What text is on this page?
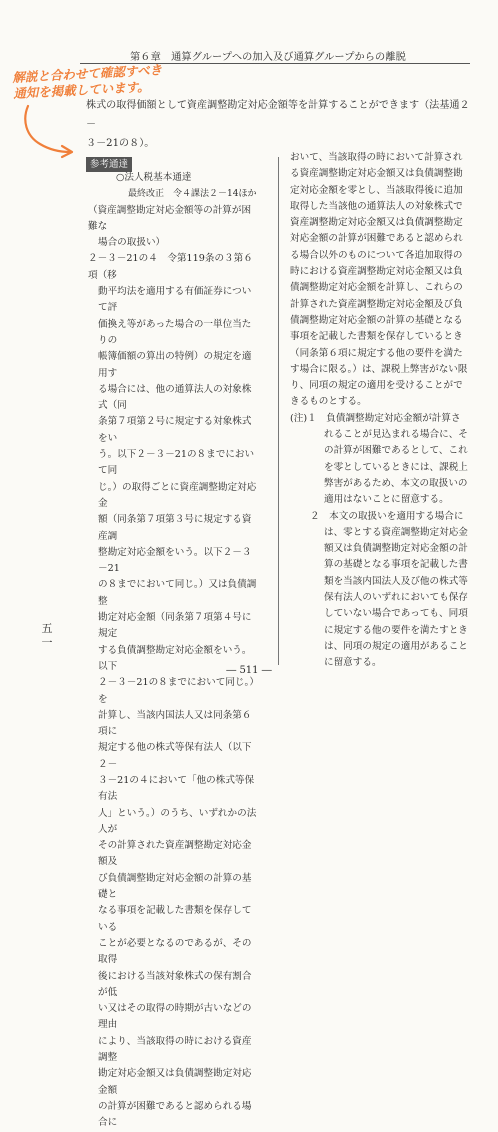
第６章　通算グループへの加入及び通算グループからの離脱
解説と合わせて確認すべき
通知を掲載しています。
株式の取得価額として資産調整勘定対応金額等を計算することができます（法基通２－
３－21の８）。
参考通達

○法人税基本通達

最終改正　令４課法２－14ほか

（資産調整勘定対応金額等の計算が困難な

場合の取扱い）

２－３－21の４　令第119条の３第６項（移

動平均法を適用する有価証券について評

価換え等があった場合の一単位当たりの

帳簿価額の算出の特例）の規定を適用す

る場合には、他の通算法人の対象株式（同

条第７項第２号に規定する対象株式をい

う。以下２－３－21の８までにおいて同

じ。）の取得ごとに資産調整勘定対応金

額（同条第７項第３号に規定する資産調

整勘定対応金額をいう。以下２－３－21

の８までにおいて同じ。）又は負債調整

勘定対応金額（同条第７項第４号に規定

する負債調整勘定対応金額をいう。以下

２－３－21の８までにおいて同じ。）を

計算し、当該内国法人又は同条第６項に

規定する他の株式等保有法人（以下２－

３－21の４において「他の株式等保有法

人」という。）のうち、いずれかの法人が

その計算された資産調整勘定対応金額及

び負債調整勘定対応金額の計算の基礎と

なる事項を記載した書類を保存している

ことが必要となるのであるが、その取得

後における当該対象株式の保有割合が低

い又はその取得の時期が古いなどの理由

により、当該取得の時における資産調整

勘定対応金額又は負債調整勘定対応金額

の計算が困難であると認められる場合に

おいて、当該取得の時において計算され

る資産調整勘定対応金額又は負債調整勘

定対応金額を零とし、当該取得後に追加

取得した当該他の通算法人の対象株式で

資産調整勘定対応金額又は負債調整勘定

対応金額の計算が困難であると認められ

る場合以外のものについて各追加取得の

時における資産調整勘定対応金額又は負

債調整勘定対応金額を計算し、これらの

計算された資産調整勘定対応金額及び負

債調整勘定対応金額の計算の基礎となる

事項を記載した書類を保存しているとき

（同条第６項に規定する他の要件を満た

す場合に限る。）は、課税上弊害がない限

り、同項の規定の適用を受けることがで

きるものとする。

(注)１　負債調整勘定対応金額が計算さ

れることが見込まれる場合に、そ

の計算が困難であるとして、これ

を零としているときには、課税上

弊害があるため、本文の取扱いの

適用はないことに留意する。

２　本文の取扱いを適用する場合に

は、零とする資産調整勘定対応金

額又は負債調整勘定対応金額の計

算の基礎となる事項を記載した書

類を当該内国法人及び他の株式等

保有法人のいずれにおいても保存

していない場合であっても、同項

に規定する他の要件を満たすとき

は、同項の規定の適用があること

に留意する。

五
一
― 511 ―
